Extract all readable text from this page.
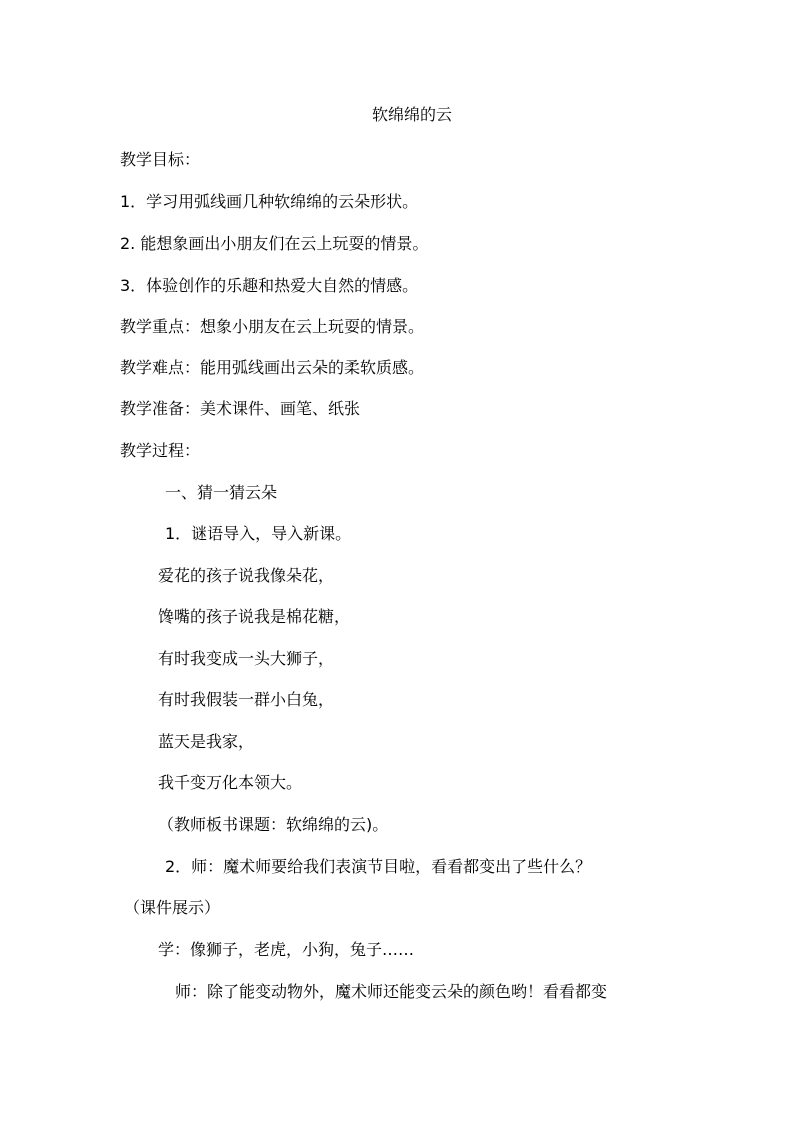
软绵绵的云
教学目标：
1．学习用弧线画几种软绵绵的云朵形状。
2. 能想象画出小朋友们在云上玩耍的情景。
3．体验创作的乐趣和热爱大自然的情感。
教学重点：想象小朋友在云上玩耍的情景。
教学难点：能用弧线画出云朵的柔软质感。
教学准备：美术课件、画笔、纸张
教学过程：
一、猜一猜云朵
1．谜语导入，导入新课。
爱花的孩子说我像朵花，
馋嘴的孩子说我是棉花糖，
有时我变成一头大狮子，
有时我假装一群小白兔，
蓝天是我家，
我千变万化本领大。
（教师板书课题：软绵绵的云)。
2．师：魔术师要给我们表演节目啦，看看都变出了些什么？
（课件展示）
学：像狮子，老虎，小狗，兔子……
师：除了能变动物外，魔术师还能变云朵的颜色哟！看看都变
